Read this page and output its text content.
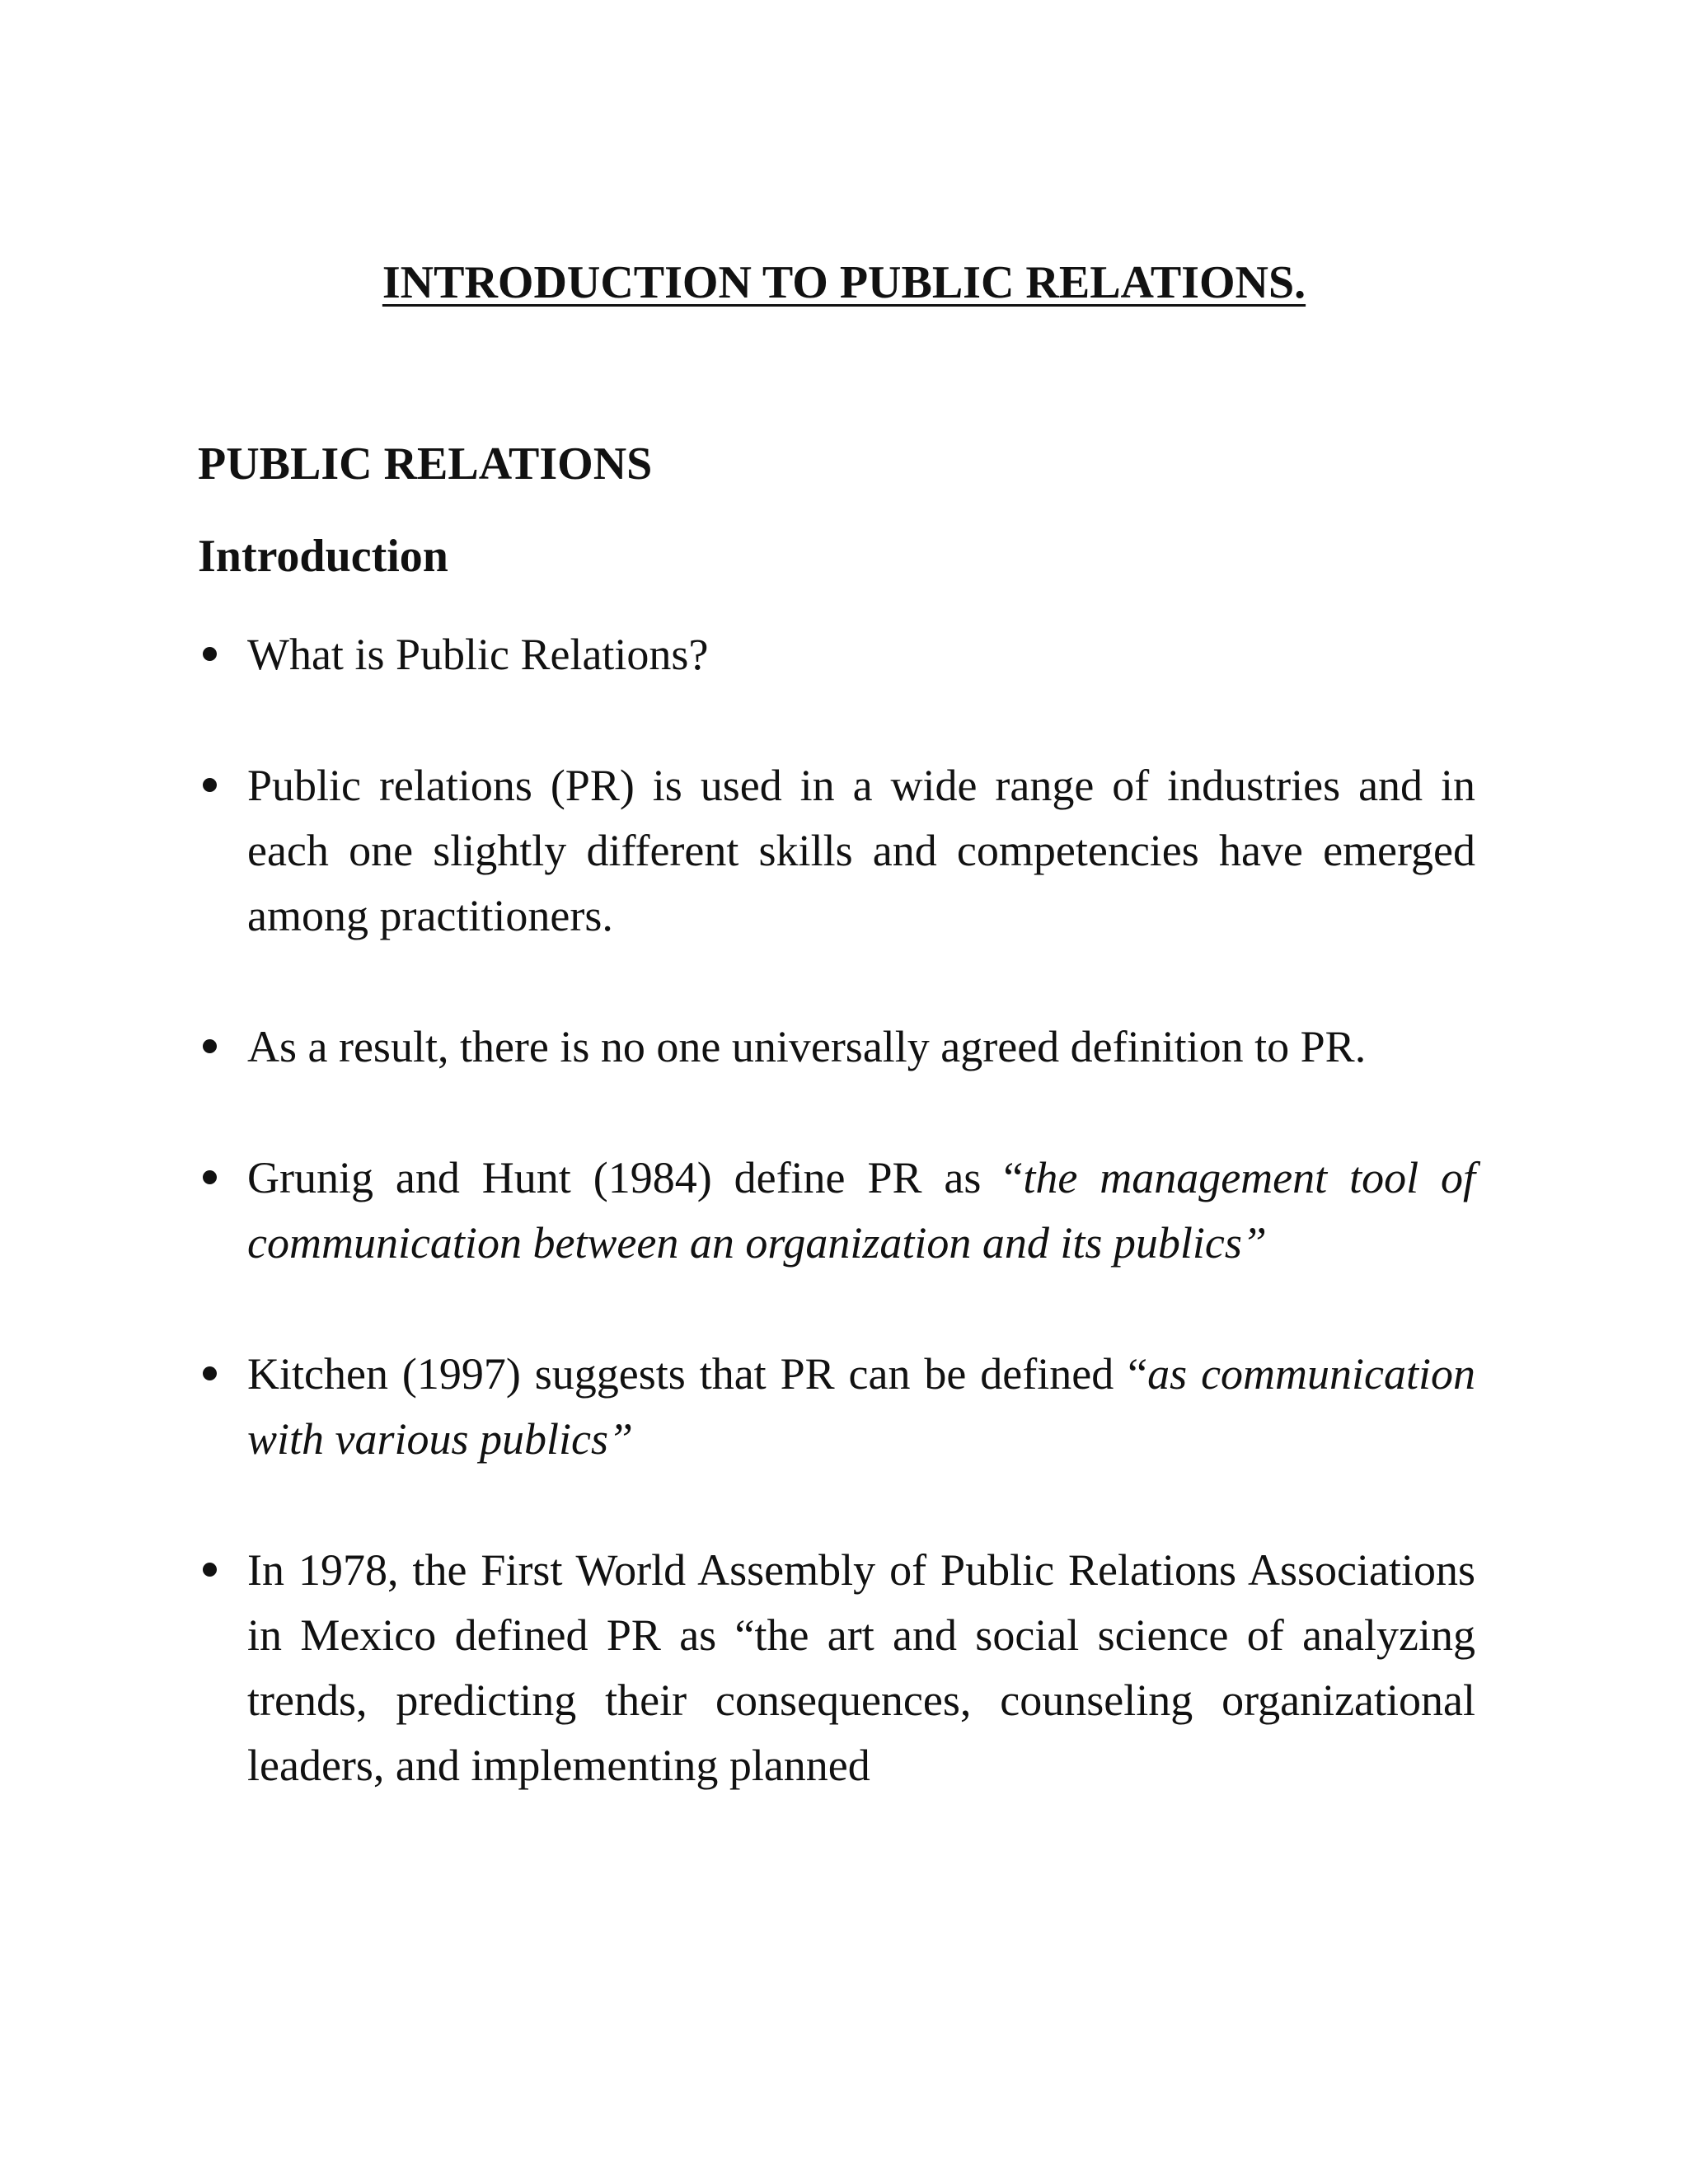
INTRODUCTION TO PUBLIC RELATIONS.
PUBLIC RELATIONS
Introduction
What is Public Relations?
Public relations (PR) is used in a wide range of industries and in each one slightly different skills and competencies have emerged among practitioners.
As a result, there is no one universally agreed definition to PR.
Grunig and Hunt (1984) define PR as “the management tool of communication between an organization and its publics”
Kitchen (1997) suggests that PR can be defined “as communication with various publics”
In 1978, the First World Assembly of Public Relations Associations in Mexico defined PR as “the art and social science of analyzing trends, predicting their consequences, counseling organizational leaders, and implementing planned
